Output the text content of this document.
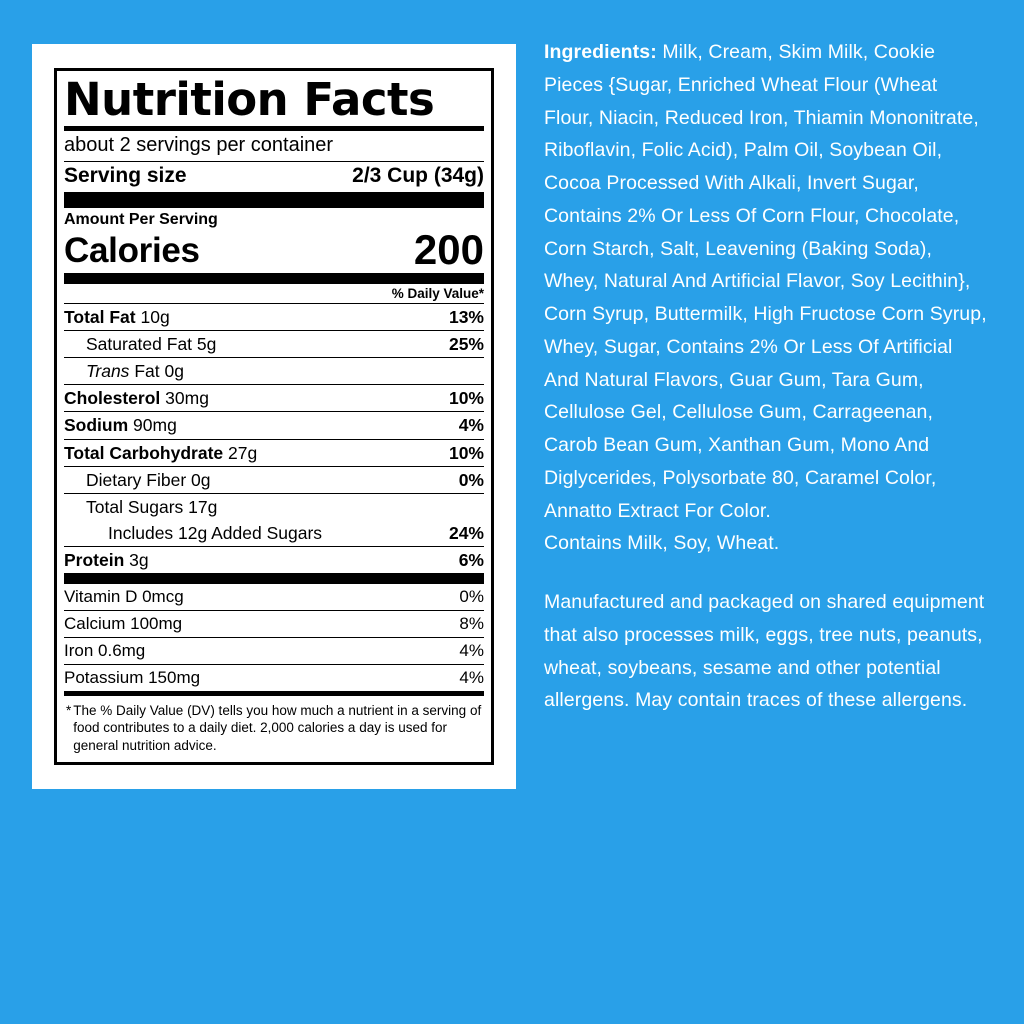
Nutrition Facts
about 2 servings per container
Serving size	2/3 Cup (34g)
Amount Per Serving
Calories	200
% Daily Value*
Total Fat 10g	13%
Saturated Fat 5g	25%
Trans Fat 0g
Cholesterol 30mg	10%
Sodium 90mg	4%
Total Carbohydrate 27g	10%
Dietary Fiber 0g	0%
Total Sugars 17g
Includes 12g Added Sugars	24%
Protein 3g	6%
Vitamin D 0mcg	0%
Calcium 100mg	8%
Iron 0.6mg	4%
Potassium 150mg	4%
* The % Daily Value (DV) tells you how much a nutrient in a serving of food contributes to a daily diet. 2,000 calories a day is used for general nutrition advice.

Ingredients: Milk, Cream, Skim Milk, Cookie Pieces {Sugar, Enriched Wheat Flour (Wheat Flour, Niacin, Reduced Iron, Thiamin Mononitrate, Riboflavin, Folic Acid), Palm Oil, Soybean Oil, Cocoa Processed With Alkali, Invert Sugar, Contains 2% Or Less Of Corn Flour, Chocolate, Corn Starch, Salt, Leavening (Baking Soda), Whey, Natural And Artificial Flavor, Soy Lecithin}, Corn Syrup, Buttermilk, High Fructose Corn Syrup, Whey, Sugar, Contains 2% Or Less Of Artificial And Natural Flavors, Guar Gum, Tara Gum, Cellulose Gel, Cellulose Gum, Carrageenan, Carob Bean Gum, Xanthan Gum, Mono And Diglycerides, Polysorbate 80, Caramel Color, Annatto Extract For Color.

Contains Milk, Soy, Wheat.

Manufactured and packaged on shared equipment that also processes milk, eggs, tree nuts, peanuts, wheat, soybeans, sesame and other potential allergens. May contain traces of these allergens.
